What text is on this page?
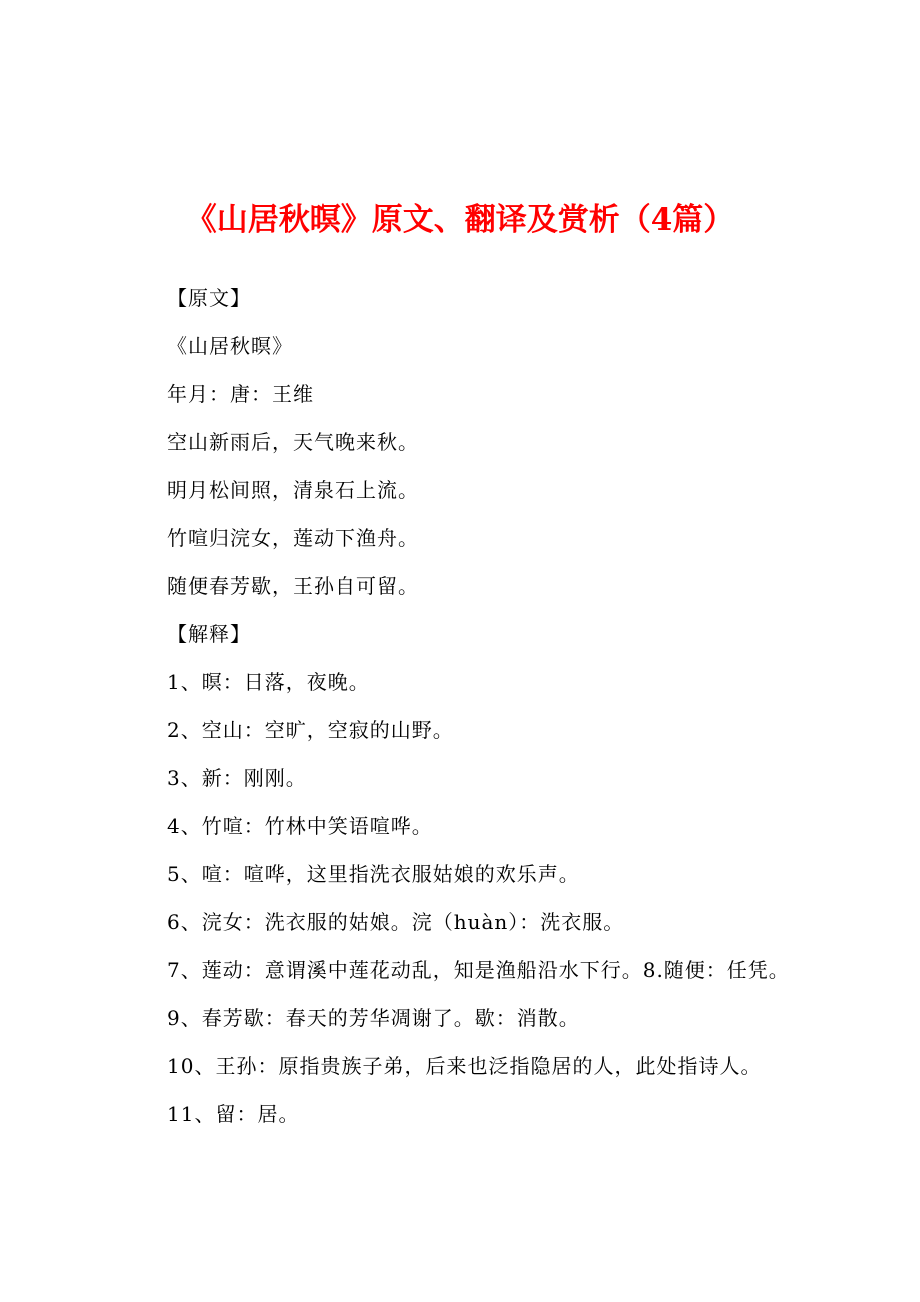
《山居秋暝》原文、翻译及赏析（4篇）
【原文】
《山居秋暝》
年月：唐：王维
空山新雨后，天气晚来秋。
明月松间照，清泉石上流。
竹喧归浣女，莲动下渔舟。
随便春芳歇，王孙自可留。
【解释】
1、暝：日落，夜晚。
2、空山：空旷，空寂的山野。
3、新：刚刚。
4、竹喧：竹林中笑语喧哗。
5、喧：喧哗，这里指洗衣服姑娘的欢乐声。
6、浣女：洗衣服的姑娘。浣（huàn）：洗衣服。
7、莲动：意谓溪中莲花动乱，知是渔船沿水下行。8.随便：任凭。
9、春芳歇：春天的芳华凋谢了。歇：消散。
10、王孙：原指贵族子弟，后来也泛指隐居的人，此处指诗人。
11、留：居。
